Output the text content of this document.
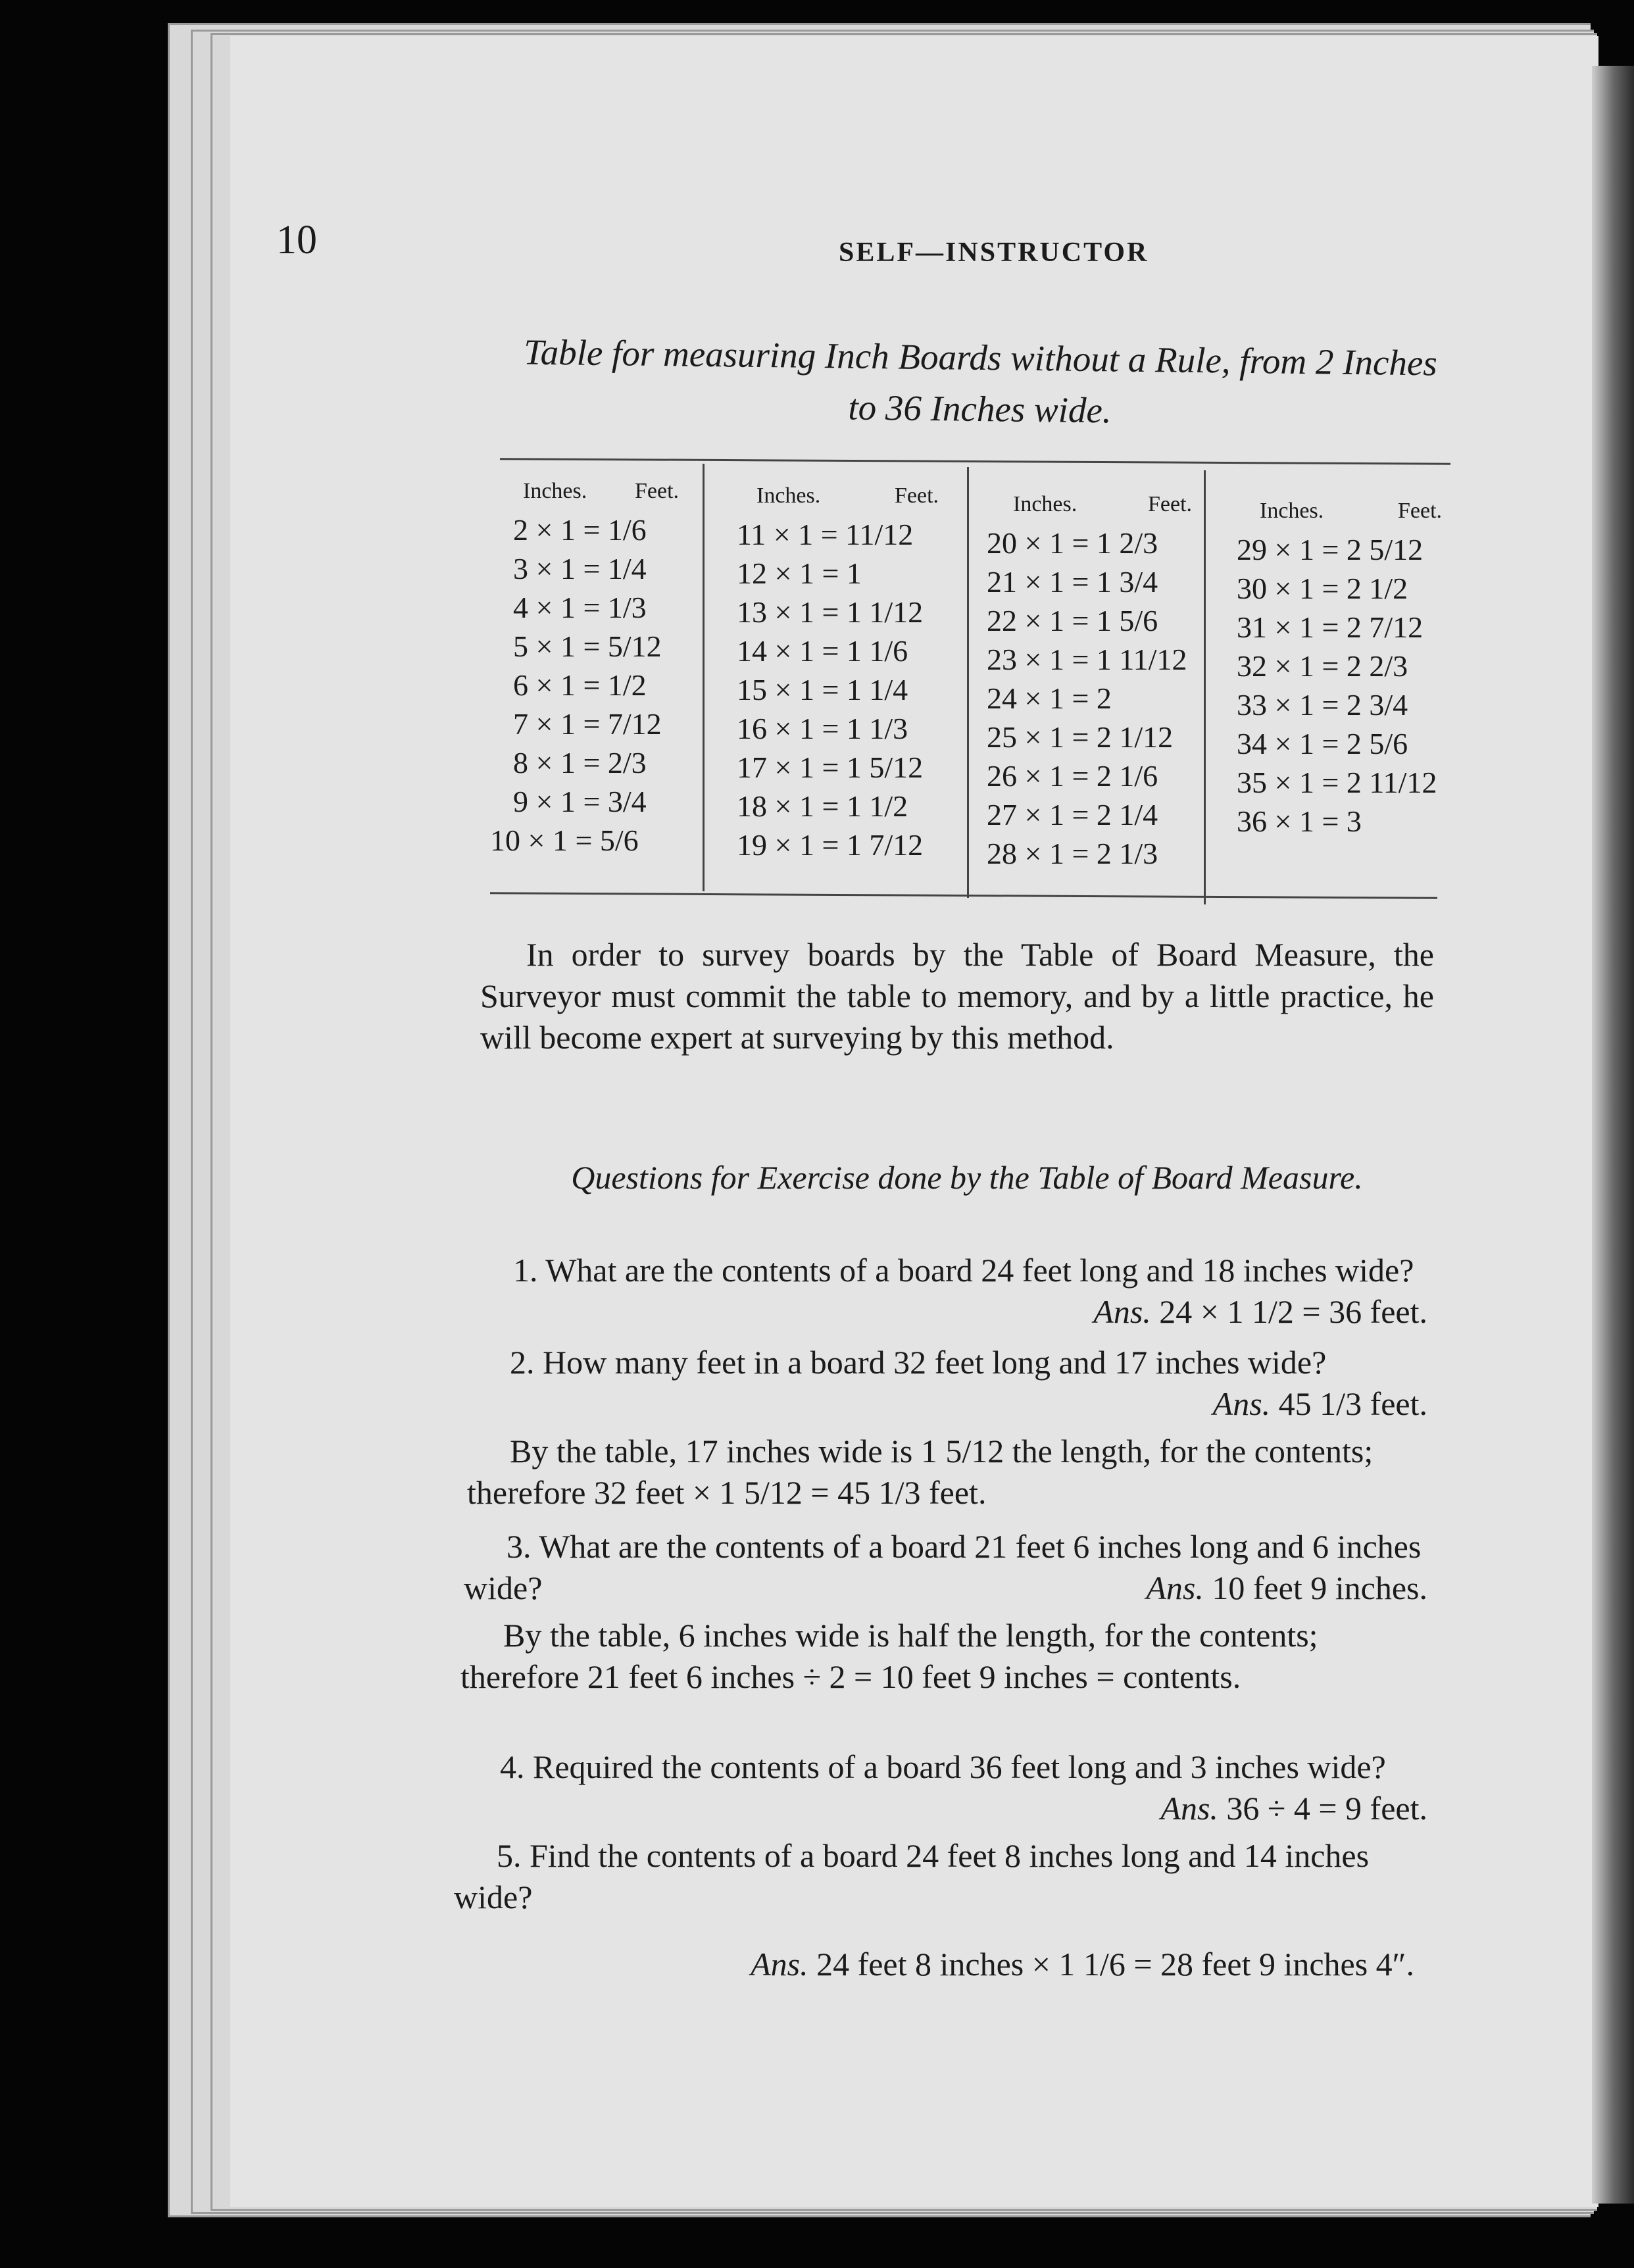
10	SELF—INSTRUCTOR
Table for measuring Inch Boards without a Rule, from 2 Inches to 36 Inches wide.
Inches. Feet.
2 × 1 = 1/6
3 × 1 = 1/4
4 × 1 = 1/3
5 × 1 = 5/12
6 × 1 = 1/2
7 × 1 = 7/12
8 × 1 = 2/3
9 × 1 = 3/4
10 × 1 = 5/6
Inches.	Feet.
11 × 1 = 11/12
12 × 1 = 1
13 × 1 = 1 1/12
14 × 1 = 1 1/6
15 × 1 = 1 1/4
16 × 1 = 1 1/3
17 × 1 = 1 5/12
18 × 1 = 1 1/2
19 × 1 = 1 7/12
Inches.	Feet.
20 × 1 = 1 2/3
21 × 1 = 1 3/4
22 × 1 = 1 5/6
23 × 1 = 1 11/12
24 × 1 = 2
25 × 1 = 2 1/12
26 × 1 = 2 1/6
27 × 1 = 2 1/4
28 × 1 = 2 1/3
Inches.	Feet.
29 × 1 = 2 5/12
30 × 1 = 2 1/2
31 × 1 = 2 7/12
32 × 1 = 2 2/3
33 × 1 = 2 3/4
34 × 1 = 2 5/6
35 × 1 = 2 11/12
36 × 1 = 3
In order to survey boards by the Table of Board Measure, the Surveyor must commit the table to memory, and by a little practice, he will become expert at surveying by this method.
Questions for Exercise done by the Table of Board Measure.
1. What are the contents of a board 24 feet long and 18 inches wide?
Ans. 24 × 1 1/2 = 36 feet.
2. How many feet in a board 32 feet long and 17 inches wide?
Ans. 45 1/3 feet.
By the table, 17 inches wide is 1 5/12 the length, for the contents; therefore 32 feet × 1 5/12 = 45 1/3 feet.
3. What are the contents of a board 21 feet 6 inches long and 6 inches wide?	Ans. 10 feet 9 inches.
By the table, 6 inches wide is half the length, for the contents; therefore 21 feet 6 inches ÷ 2 = 10 feet 9 inches = contents.
4. Required the contents of a board 36 feet long and 3 inches wide?
Ans. 36 ÷ 4 = 9 feet.
5. Find the contents of a board 24 feet 8 inches long and 14 inches wide?
Ans. 24 feet 8 inches × 1 1/6 = 28 feet 9 inches 4″.
